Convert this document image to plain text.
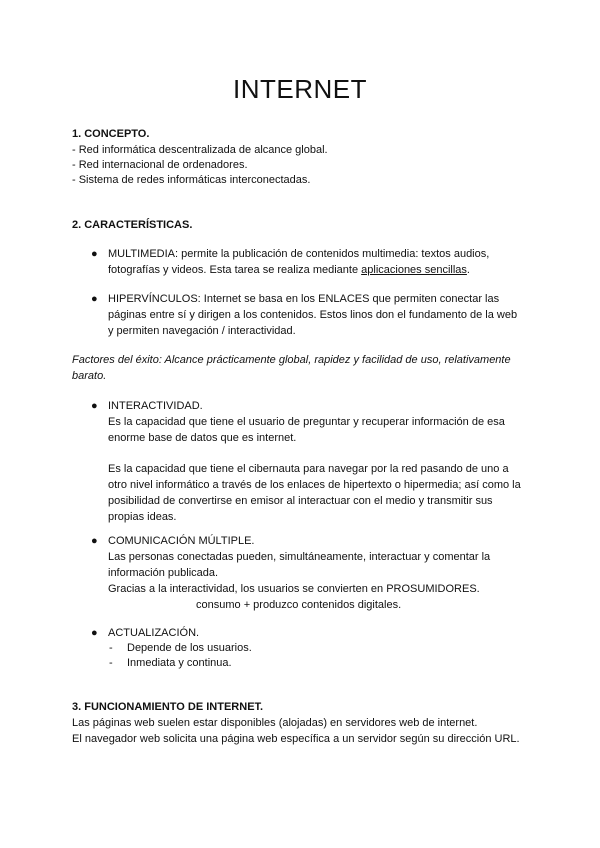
INTERNET
1. CONCEPTO.
- Red informática descentralizada de alcance global.
- Red internacional de ordenadores.
- Sistema de redes informáticas interconectadas.
2. CARACTERÍSTICAS.
● MULTIMEDIA: permite la publicación de contenidos multimedia: textos audios,
fotografías y videos. Esta tarea se realiza mediante aplicaciones sencillas.
● HIPERVÍNCULOS: Internet se basa en los ENLACES que permiten conectar las
páginas entre sí y dirigen a los contenidos. Estos linos don el fundamento de la web
y permiten navegación / interactividad.
Factores del éxito: Alcance prácticamente global, rapidez y facilidad de uso, relativamente
barato.
● INTERACTIVIDAD.
Es la capacidad que tiene el usuario de preguntar y recuperar información de esa
enorme base de datos que es internet.
Es la capacidad que tiene el cibernauta para navegar por la red pasando de uno a
otro nivel informático a través de los enlaces de hipertexto o hipermedia; así como la
posibilidad de convertirse en emisor al interactuar con el medio y transmitir sus
propias ideas.
● COMUNICACIÓN MÚLTIPLE.
Las personas conectadas pueden, simultáneamente, interactuar y comentar la
información publicada.
Gracias a la interactividad, los usuarios se convierten en PROSUMIDORES.
consumo + produzco contenidos digitales.
● ACTUALIZACIÓN.
- Depende de los usuarios.
- Inmediata y continua.
3. FUNCIONAMIENTO DE INTERNET.
Las páginas web suelen estar disponibles (alojadas) en servidores web de internet.
El navegador web solicita una página web específica a un servidor según su dirección URL.
